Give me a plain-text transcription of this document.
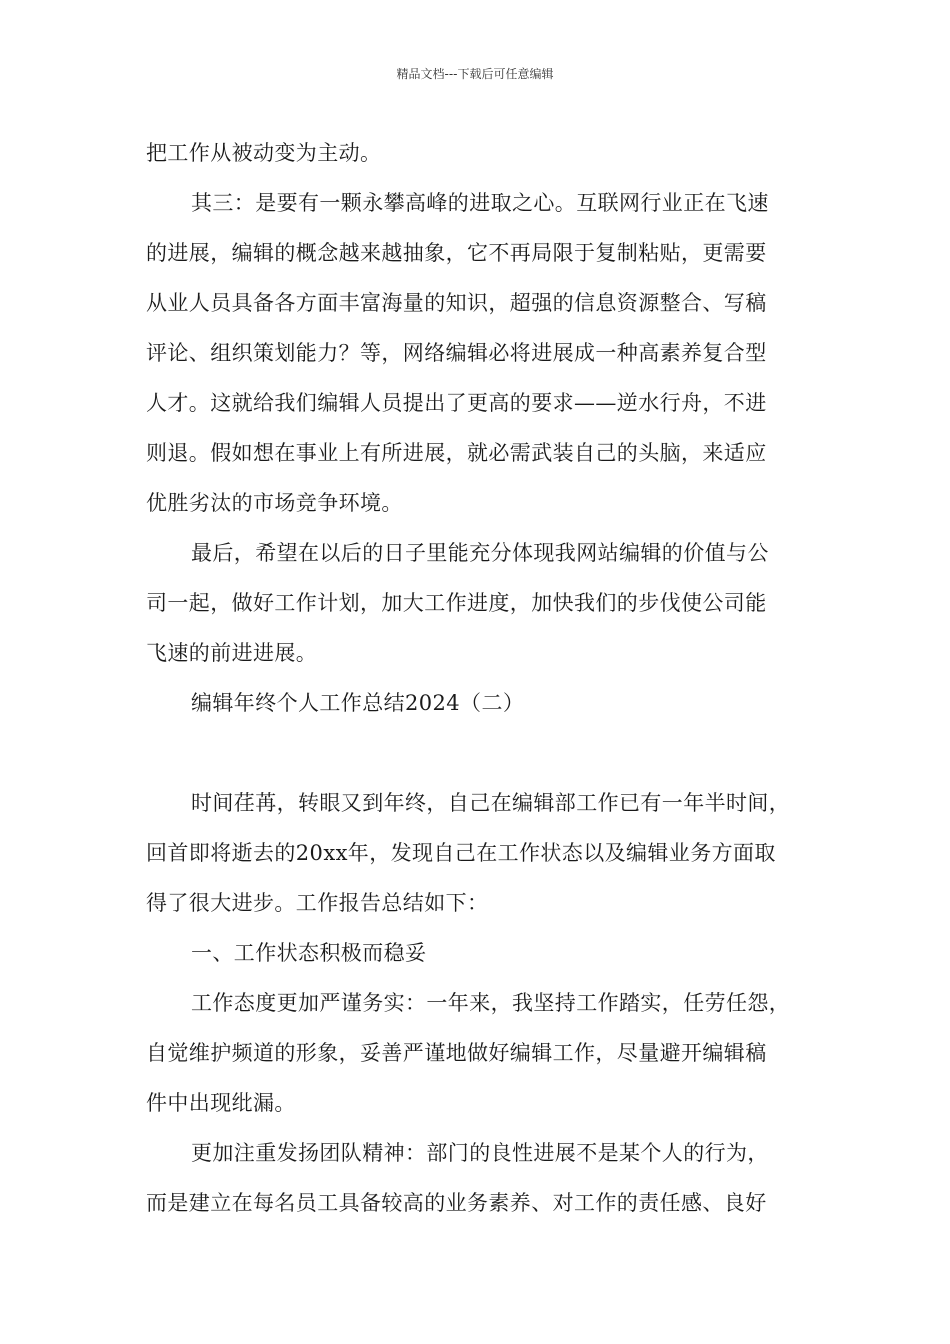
精品文档---下载后可任意编辑
把工作从被动变为主动。
其三：是要有一颗永攀高峰的进取之心。互联网行业正在飞速
的进展，编辑的概念越来越抽象，它不再局限于复制粘贴，更需要
从业人员具备各方面丰富海量的知识，超强的信息资源整合、写稿
评论、组织策划能力？等，网络编辑必将进展成一种高素养复合型
人才。这就给我们编辑人员提出了更高的要求——逆水行舟，不进
则退。假如想在事业上有所进展，就必需武装自己的头脑，来适应
优胜劣汰的市场竞争环境。
最后，希望在以后的日子里能充分体现我网站编辑的价值与公
司一起，做好工作计划，加大工作进度，加快我们的步伐使公司能
飞速的前进进展。
编辑年终个人工作总结2024（二）
时间荏苒，转眼又到年终，自己在编辑部工作已有一年半时间，
回首即将逝去的20xx年，发现自己在工作状态以及编辑业务方面取
得了很大进步。工作报告总结如下：
一、工作状态积极而稳妥
工作态度更加严谨务实：一年来，我坚持工作踏实，任劳任怨，
自觉维护频道的形象，妥善严谨地做好编辑工作，尽量避开编辑稿
件中出现纰漏。
更加注重发扬团队精神：部门的良性进展不是某个人的行为，
而是建立在每名员工具备较高的业务素养、对工作的责任感、良好
